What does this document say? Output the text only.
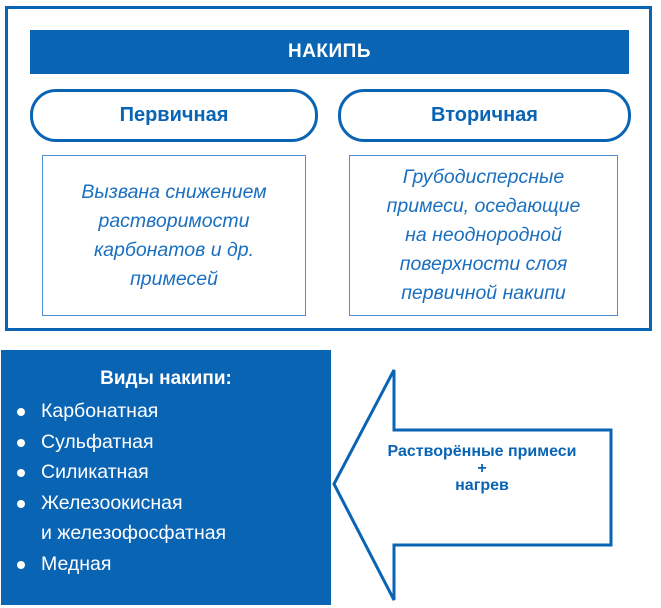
НАКИПЬ
Первичная	Вторичная
Вызвана снижением
растворимости
карбонатов и др.
примесей
Грубодисперсные
примеси, оседающие
на неоднородной
поверхности слоя
первичной накипи
Виды накипи:
Карбонатная
Сульфатная
Силикатная
Железоокисная
и железофосфатная
Медная
Растворённые примеси
+
нагрев
